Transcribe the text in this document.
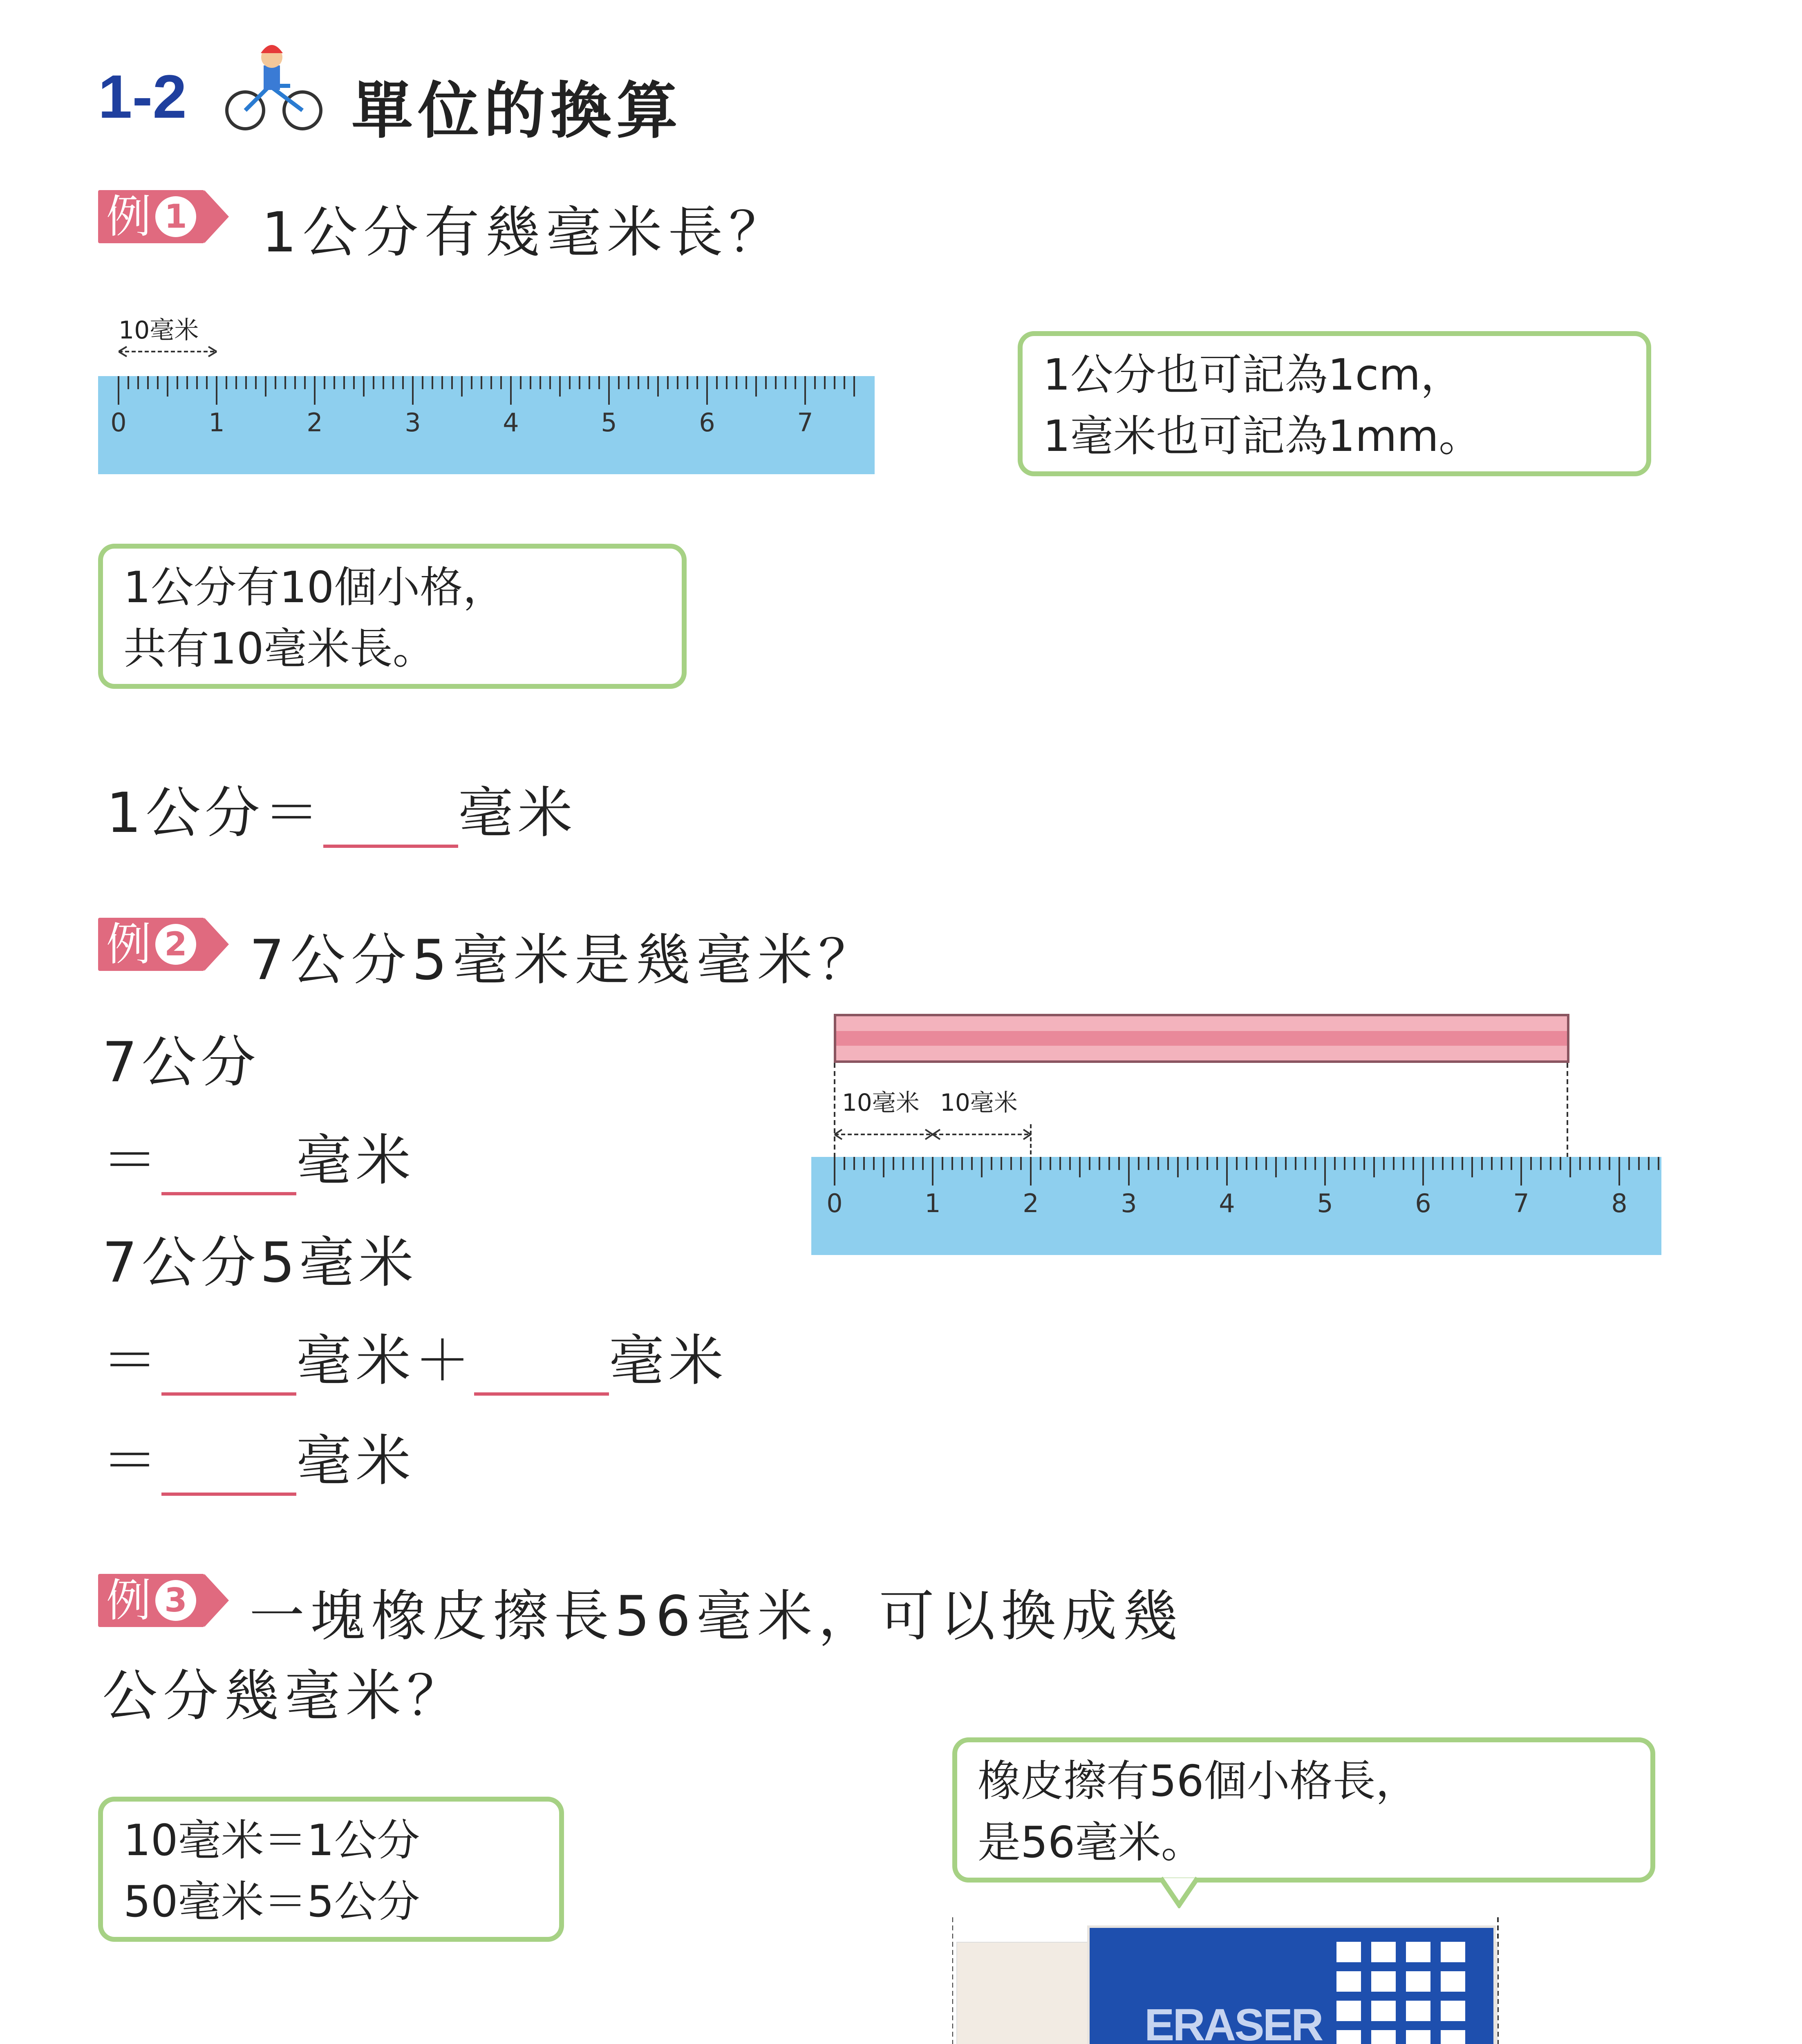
1-2	單位的換算
例 1 1公分有幾毫米長？
10毫米
0	1	2	3	4	5	6	7
1公分也可記為1cm，
1毫米也可記為1mm。
1公分有10個小格，
共有10毫米長。
1公分＝ 毫米
例 2 7公分5毫米是幾毫米？
7公分
＝ 毫米
7公分5毫米
＝ 毫米＋ 毫米
＝ 毫米
10毫米 10毫米
0	1	2	3	4	5	6	7	8
例 3 一塊橡皮擦長56毫米，可以換成幾
公分幾毫米？
10毫米＝1公分
50毫米＝5公分
橡皮擦有56個小格長，
是56毫米。
ERASER
